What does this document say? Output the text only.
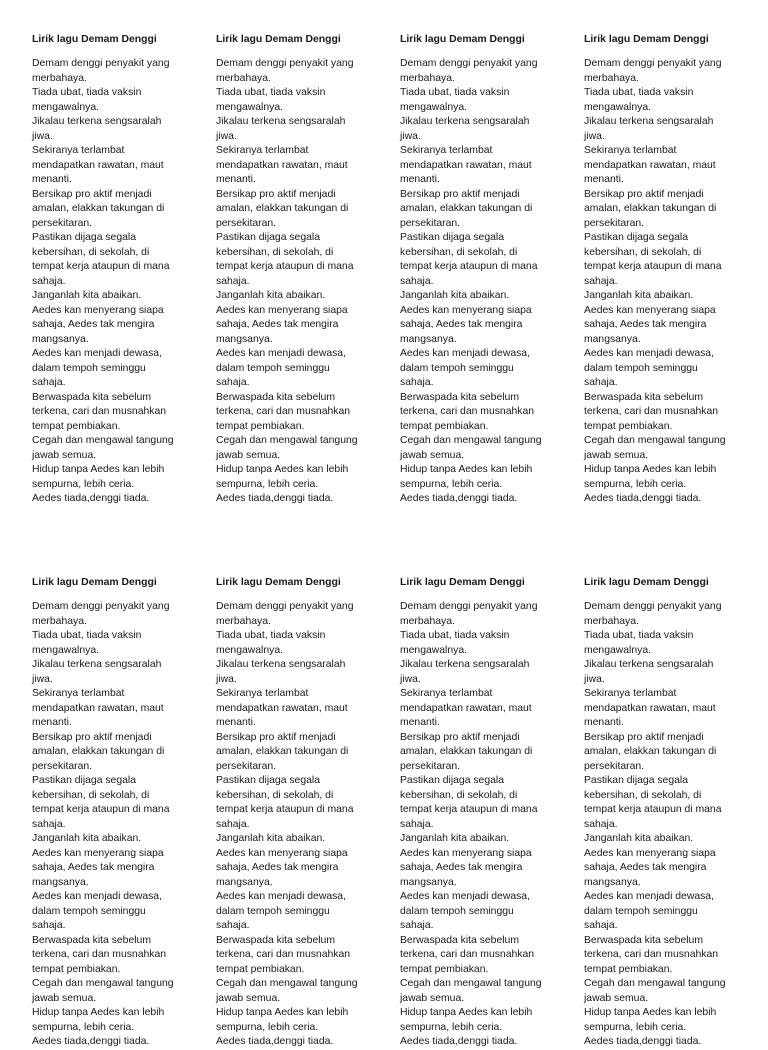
Lirik lagu Demam Denggi
Demam denggi penyakit yang
merbahaya.
Tiada ubat, tiada vaksin
mengawalnya.
Jikalau terkena sengsaralah
jiwa.
Sekiranya terlambat
mendapatkan rawatan, maut
menanti.
Bersikap pro aktif menjadi
amalan, elakkan takungan di
persekitaran.
Pastikan dijaga segala
kebersihan, di sekolah, di
tempat kerja ataupun di mana
sahaja.
Janganlah kita abaikan.
Aedes kan menyerang siapa
sahaja, Aedes tak mengira
mangsanya.
Aedes kan menjadi dewasa,
dalam tempoh seminggu
sahaja.
Berwaspada kita sebelum
terkena, cari dan musnahkan
tempat pembiakan.
Cegah dan mengawal tangung
jawab semua.
Hidup tanpa Aedes kan lebih
sempurna, lebih ceria.
Aedes tiada,denggi tiada.
Lirik lagu Demam Denggi
Demam denggi penyakit yang
merbahaya.
Tiada ubat, tiada vaksin
mengawalnya.
Jikalau terkena sengsaralah
jiwa.
Sekiranya terlambat
mendapatkan rawatan, maut
menanti.
Bersikap pro aktif menjadi
amalan, elakkan takungan di
persekitaran.
Pastikan dijaga segala
kebersihan, di sekolah, di
tempat kerja ataupun di mana
sahaja.
Janganlah kita abaikan.
Aedes kan menyerang siapa
sahaja, Aedes tak mengira
mangsanya.
Aedes kan menjadi dewasa,
dalam tempoh seminggu
sahaja.
Berwaspada kita sebelum
terkena, cari dan musnahkan
tempat pembiakan.
Cegah dan mengawal tangung
jawab semua.
Hidup tanpa Aedes kan lebih
sempurna, lebih ceria.
Aedes tiada,denggi tiada.
Lirik lagu Demam Denggi
Demam denggi penyakit yang
merbahaya.
Tiada ubat, tiada vaksin
mengawalnya.
Jikalau terkena sengsaralah
jiwa.
Sekiranya terlambat
mendapatkan rawatan, maut
menanti.
Bersikap pro aktif menjadi
amalan, elakkan takungan di
persekitaran.
Pastikan dijaga segala
kebersihan, di sekolah, di
tempat kerja ataupun di mana
sahaja.
Janganlah kita abaikan.
Aedes kan menyerang siapa
sahaja, Aedes tak mengira
mangsanya.
Aedes kan menjadi dewasa,
dalam tempoh seminggu
sahaja.
Berwaspada kita sebelum
terkena, cari dan musnahkan
tempat pembiakan.
Cegah dan mengawal tangung
jawab semua.
Hidup tanpa Aedes kan lebih
sempurna, lebih ceria.
Aedes tiada,denggi tiada.
Lirik lagu Demam Denggi
Demam denggi penyakit yang
merbahaya.
Tiada ubat, tiada vaksin
mengawalnya.
Jikalau terkena sengsaralah
jiwa.
Sekiranya terlambat
mendapatkan rawatan, maut
menanti.
Bersikap pro aktif menjadi
amalan, elakkan takungan di
persekitaran.
Pastikan dijaga segala
kebersihan, di sekolah, di
tempat kerja ataupun di mana
sahaja.
Janganlah kita abaikan.
Aedes kan menyerang siapa
sahaja, Aedes tak mengira
mangsanya.
Aedes kan menjadi dewasa,
dalam tempoh seminggu
sahaja.
Berwaspada kita sebelum
terkena, cari dan musnahkan
tempat pembiakan.
Cegah dan mengawal tangung
jawab semua.
Hidup tanpa Aedes kan lebih
sempurna, lebih ceria.
Aedes tiada,denggi tiada.
Lirik lagu Demam Denggi
Demam denggi penyakit yang
merbahaya.
Tiada ubat, tiada vaksin
mengawalnya.
Jikalau terkena sengsaralah
jiwa.
Sekiranya terlambat
mendapatkan rawatan, maut
menanti.
Bersikap pro aktif menjadi
amalan, elakkan takungan di
persekitaran.
Pastikan dijaga segala
kebersihan, di sekolah, di
tempat kerja ataupun di mana
sahaja.
Janganlah kita abaikan.
Aedes kan menyerang siapa
sahaja, Aedes tak mengira
mangsanya.
Aedes kan menjadi dewasa,
dalam tempoh seminggu
sahaja.
Berwaspada kita sebelum
terkena, cari dan musnahkan
tempat pembiakan.
Cegah dan mengawal tangung
jawab semua.
Hidup tanpa Aedes kan lebih
sempurna, lebih ceria.
Aedes tiada,denggi tiada.
Lirik lagu Demam Denggi
Demam denggi penyakit yang
merbahaya.
Tiada ubat, tiada vaksin
mengawalnya.
Jikalau terkena sengsaralah
jiwa.
Sekiranya terlambat
mendapatkan rawatan, maut
menanti.
Bersikap pro aktif menjadi
amalan, elakkan takungan di
persekitaran.
Pastikan dijaga segala
kebersihan, di sekolah, di
tempat kerja ataupun di mana
sahaja.
Janganlah kita abaikan.
Aedes kan menyerang siapa
sahaja, Aedes tak mengira
mangsanya.
Aedes kan menjadi dewasa,
dalam tempoh seminggu
sahaja.
Berwaspada kita sebelum
terkena, cari dan musnahkan
tempat pembiakan.
Cegah dan mengawal tangung
jawab semua.
Hidup tanpa Aedes kan lebih
sempurna, lebih ceria.
Aedes tiada,denggi tiada.
Lirik lagu Demam Denggi
Demam denggi penyakit yang
merbahaya.
Tiada ubat, tiada vaksin
mengawalnya.
Jikalau terkena sengsaralah
jiwa.
Sekiranya terlambat
mendapatkan rawatan, maut
menanti.
Bersikap pro aktif menjadi
amalan, elakkan takungan di
persekitaran.
Pastikan dijaga segala
kebersihan, di sekolah, di
tempat kerja ataupun di mana
sahaja.
Janganlah kita abaikan.
Aedes kan menyerang siapa
sahaja, Aedes tak mengira
mangsanya.
Aedes kan menjadi dewasa,
dalam tempoh seminggu
sahaja.
Berwaspada kita sebelum
terkena, cari dan musnahkan
tempat pembiakan.
Cegah dan mengawal tangung
jawab semua.
Hidup tanpa Aedes kan lebih
sempurna, lebih ceria.
Aedes tiada,denggi tiada.
Lirik lagu Demam Denggi
Demam denggi penyakit yang
merbahaya.
Tiada ubat, tiada vaksin
mengawalnya.
Jikalau terkena sengsaralah
jiwa.
Sekiranya terlambat
mendapatkan rawatan, maut
menanti.
Bersikap pro aktif menjadi
amalan, elakkan takungan di
persekitaran.
Pastikan dijaga segala
kebersihan, di sekolah, di
tempat kerja ataupun di mana
sahaja.
Janganlah kita abaikan.
Aedes kan menyerang siapa
sahaja, Aedes tak mengira
mangsanya.
Aedes kan menjadi dewasa,
dalam tempoh seminggu
sahaja.
Berwaspada kita sebelum
terkena, cari dan musnahkan
tempat pembiakan.
Cegah dan mengawal tangung
jawab semua.
Hidup tanpa Aedes kan lebih
sempurna, lebih ceria.
Aedes tiada,denggi tiada.
